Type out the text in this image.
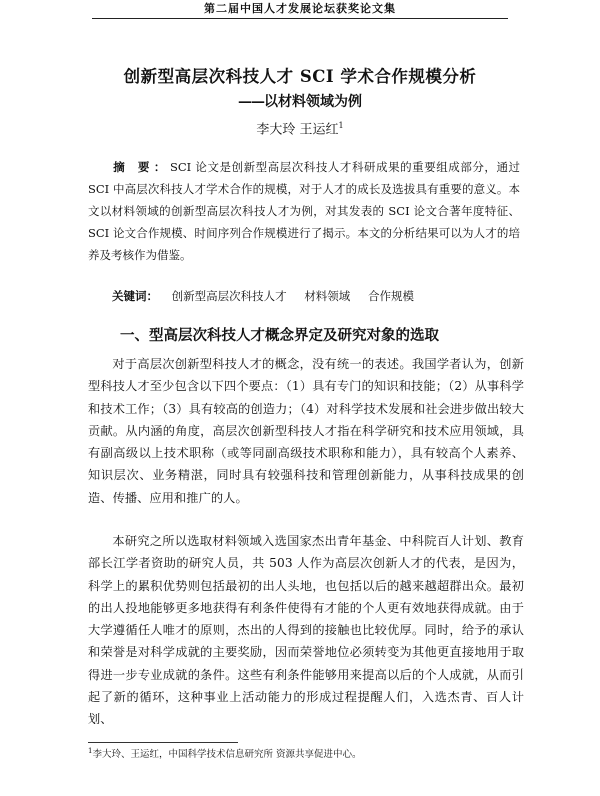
第二届中国人才发展论坛获奖论文集
创新型高层次科技人才 SCI 学术合作规模分析
——以材料领域为例
李大玲 王运红$^1$
摘 要：SCI 论文是创新型高层次科技人才科研成果的重要组成部分，通过 SCI 中高层次科技人才学术合作的规模，对于人才的成长及选拔具有重要的意义。本文以材料领域的创新型高层次科技人才为例，对其发表的 SCI 论文合著年度特征、SCI 论文合作规模、时间序列合作规模进行了揭示。本文的分析结果可以为人才的培养及考核作为借鉴。
关键词： 创新型高层次科技人才 材料领域 合作规模
一、型高层次科技人才概念界定及研究对象的选取
对于高层次创新型科技人才的概念，没有统一的表述。我国学者认为，创新型科技人才至少包含以下四个要点：（1）具有专门的知识和技能；（2）从事科学和技术工作；（3）具有较高的创造力；（4）对科学技术发展和社会进步做出较大贡献。从内涵的角度，高层次创新型科技人才指在科学研究和技术应用领域，具有副高级以上技术职称（或等同副高级技术职称和能力），具有较高个人素养、知识层次、业务精湛，同时具有较强科技和管理创新能力，从事科技成果的创造、传播、应用和推广的人。
本研究之所以选取材料领域入选国家杰出青年基金、中科院百人计划、教育部长江学者资助的研究人员，共 503 人作为高层次创新人才的代表，是因为，科学上的累积优势则包括最初的出人头地，也包括以后的越来越超群出众。最初的出人投地能够更多地获得有利条件使得有才能的个人更有效地获得成就。由于大学遵循任人唯才的原则，杰出的人得到的接触也比较优厚。同时，给予的承认和荣誉是对科学成就的主要奖励，因而荣誉地位必须转变为其他更直接地用于取得进一步专业成就的条件。这些有利条件能够用来提高以后的个人成就，从而引起了新的循环，这种事业上活动能力的形成过程提醒人们，入选杰青、百人计划、
$^1$李大玲、王运红，中国科学技术信息研究所 资源共享促进中心。
